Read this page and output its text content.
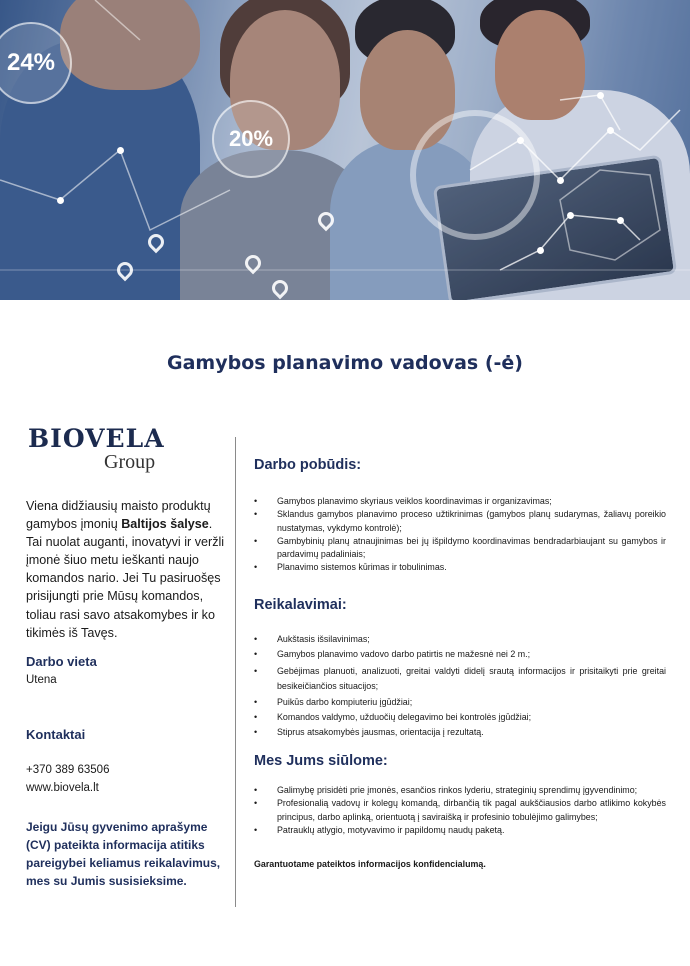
24%
20%
Gamybos planavimo vadovas (-ė)
BIOVELA
Group

Viena didžiausių maisto produktų gamybos įmonių Baltijos šalyse. Tai nuolat auganti, inovatyvi ir veržli įmonė šiuo metu ieškanti naujo komandos nario. Jei Tu pasiruošęs prisijungti prie Mūsų komandos, toliau rasi savo atsakomybes ir ko tikimės iš Tavęs.

Darbo vieta
Utena
Kontaktai
+370 389 63506
www.biovela.lt

Jeigu Jūsų gyvenimo aprašyme (CV) pateikta informacija atitiks pareigybei keliamus reikalavimus, mes su Jumis susisieksime.

Darbo pobūdis:
• Gamybos planavimo skyriaus veiklos koordinavimas ir organizavimas;
• Sklandus gamybos planavimo proceso užtikrinimas (gamybos planų sudarymas, žaliavų poreikio nustatymas, vykdymo kontrolė);
• Gambybinių planų atnaujinimas bei jų išpildymo koordinavimas bendradarbiaujant su gamybos ir pardavimų padaliniais;
• Planavimo sistemos kūrimas ir tobulinimas.
Reikalavimai:
• Aukštasis išsilavinimas;
• Gamybos planavimo vadovo darbo patirtis ne mažesnė nei 2 m.;
• Gebėjimas planuoti, analizuoti, greitai valdyti didelį srautą informacijos ir prisitaikyti prie greitai besikeičiančios situacijos;
• Puikūs darbo kompiuteriu įgūdžiai;
• Komandos valdymo, užduočių delegavimo bei kontrolės įgūdžiai;
• Stiprus atsakomybės jausmas, orientacija į rezultatą.
Mes Jums siūlome:
• Galimybę prisidėti prie įmonės, esančios rinkos lyderiu, strateginių sprendimų įgyvendinimo;
• Profesionalią vadovų ir kolegų komandą, dirbančią tik pagal aukščiausios darbo atlikimo kokybės principus, darbo aplinką, orientuotą į saviraišką ir profesinio tobulėjimo galimybes;
• Patrauklų atlygio, motyvavimo ir papildomų naudų paketą.
Garantuotame pateiktos informacijos konfidencialumą.
